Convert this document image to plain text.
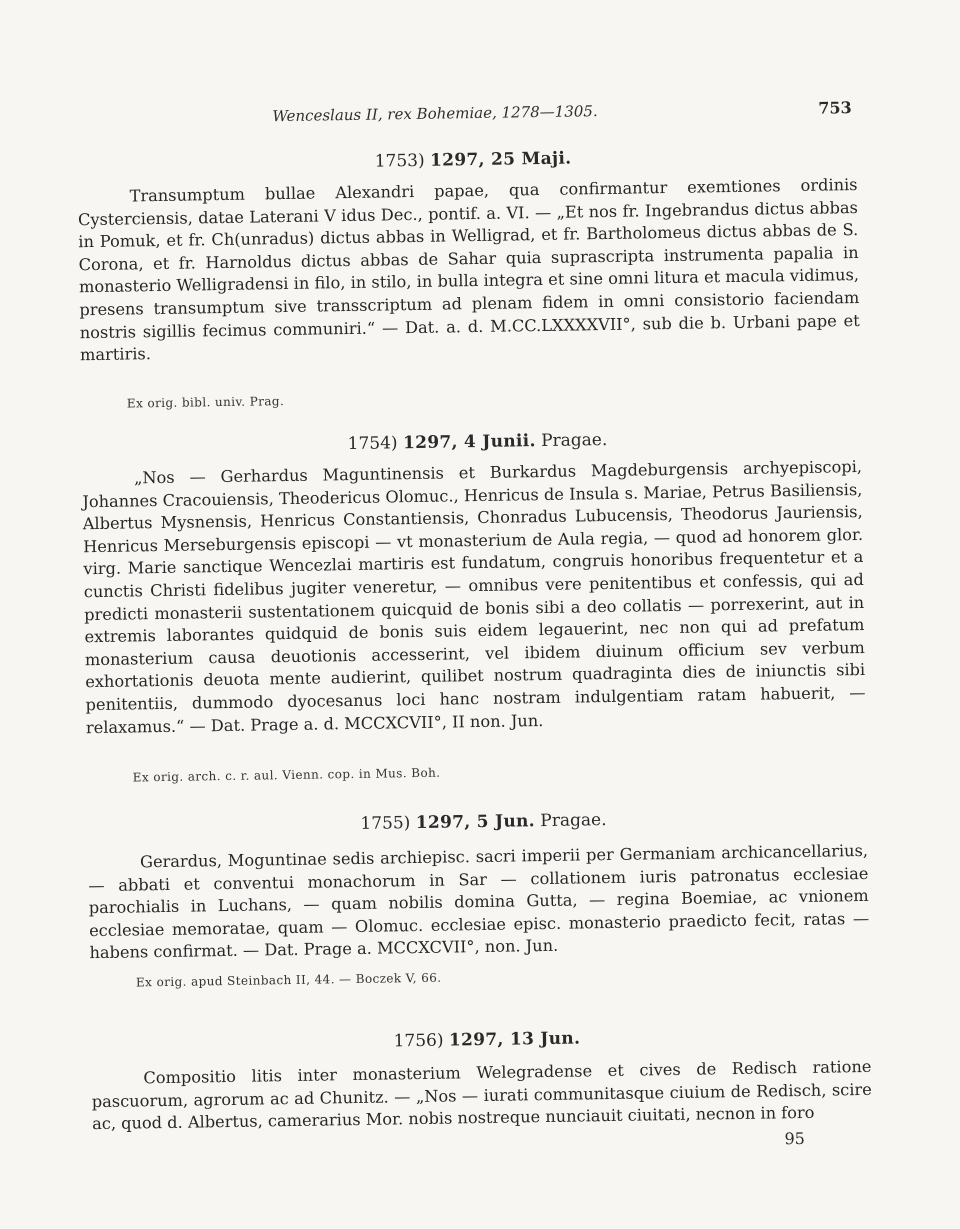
Wenceslaus II, rex Bohemiae, 1278—1305.	753
1753) 1297, 25 Maji.
Transumptum bullae Alexandri papae, qua confirmantur exemtiones ordinis Cysterciensis, datae Laterani V idus Dec., pontif. a. VI. — „Et nos fr. Ingebrandus dictus abbas in Pomuk, et fr. Ch(unradus) dictus abbas in Welligrad, et fr. Bartholomeus dictus abbas de S. Corona, et fr. Harnoldus dictus abbas de Sahar quia suprascripta instrumenta papalia in monasterio Welligradensi in filo, in stilo, in bulla integra et sine omni litura et macula vidimus, presens transumptum sive transscriptum ad plenam fidem in omni consistorio faciendam nostris sigillis fecimus communiri.“ — Dat. a. d. M.CC.LXXXXVII°, sub die b. Urbani pape et martiris.
Ex orig. bibl. univ. Prag.
1754) 1297, 4 Junii. Pragae.
„Nos — Gerhardus Maguntinensis et Burkardus Magdeburgensis archyepiscopi, Johannes Cracouiensis, Theodericus Olomuc., Henricus de Insula s. Mariae, Petrus Basiliensis, Albertus Mysnensis, Henricus Constantiensis, Chonradus Lubucensis, Theodorus Jauriensis, Henricus Merseburgensis episcopi — vt monasterium de Aula regia, — quod ad honorem glor. virg. Marie sanctique Wencezlai martiris est fundatum, congruis honoribus frequentetur et a cunctis Christi fidelibus jugiter veneretur, — omnibus vere penitentibus et confessis, qui ad predicti monasterii sustentationem quicquid de bonis sibi a deo collatis — porrexerint, aut in extremis laborantes quidquid de bonis suis eidem legauerint, nec non qui ad prefatum monasterium causa deuotionis accesserint, vel ibidem diuinum officium sev verbum exhortationis deuota mente audierint, quilibet nostrum quadraginta dies de iniunctis sibi penitentiis, dummodo dyocesanus loci hanc nostram indulgentiam ratam habuerit, — relaxamus.“ — Dat. Prage a. d. MCCXCVII°, II non. Jun.
Ex orig. arch. c. r. aul. Vienn. cop. in Mus. Boh.
1755) 1297, 5 Jun. Pragae.
Gerardus, Moguntinae sedis archiepisc. sacri imperii per Germaniam archicancellarius, — abbati et conventui monachorum in Sar — collationem iuris patronatus ecclesiae parochialis in Luchans, — quam nobilis domina Gutta, — regina Boemiae, ac vnionem ecclesiae memoratae, quam — Olomuc. ecclesiae episc. monasterio praedicto fecit, ratas — habens confirmat. — Dat. Prage a. MCCXCVII°, non. Jun.
Ex orig. apud Steinbach II, 44. — Boczek V, 66.
1756) 1297, 13 Jun.
Compositio litis inter monasterium Welegradense et cives de Redisch ratione pascuorum, agrorum ac ad Chunitz. — „Nos — iurati communitasque ciuium de Redisch, scire ac, quod d. Albertus, camerarius Mor. nobis nostreque nunciauit ciuitati, necnon in foro
95
